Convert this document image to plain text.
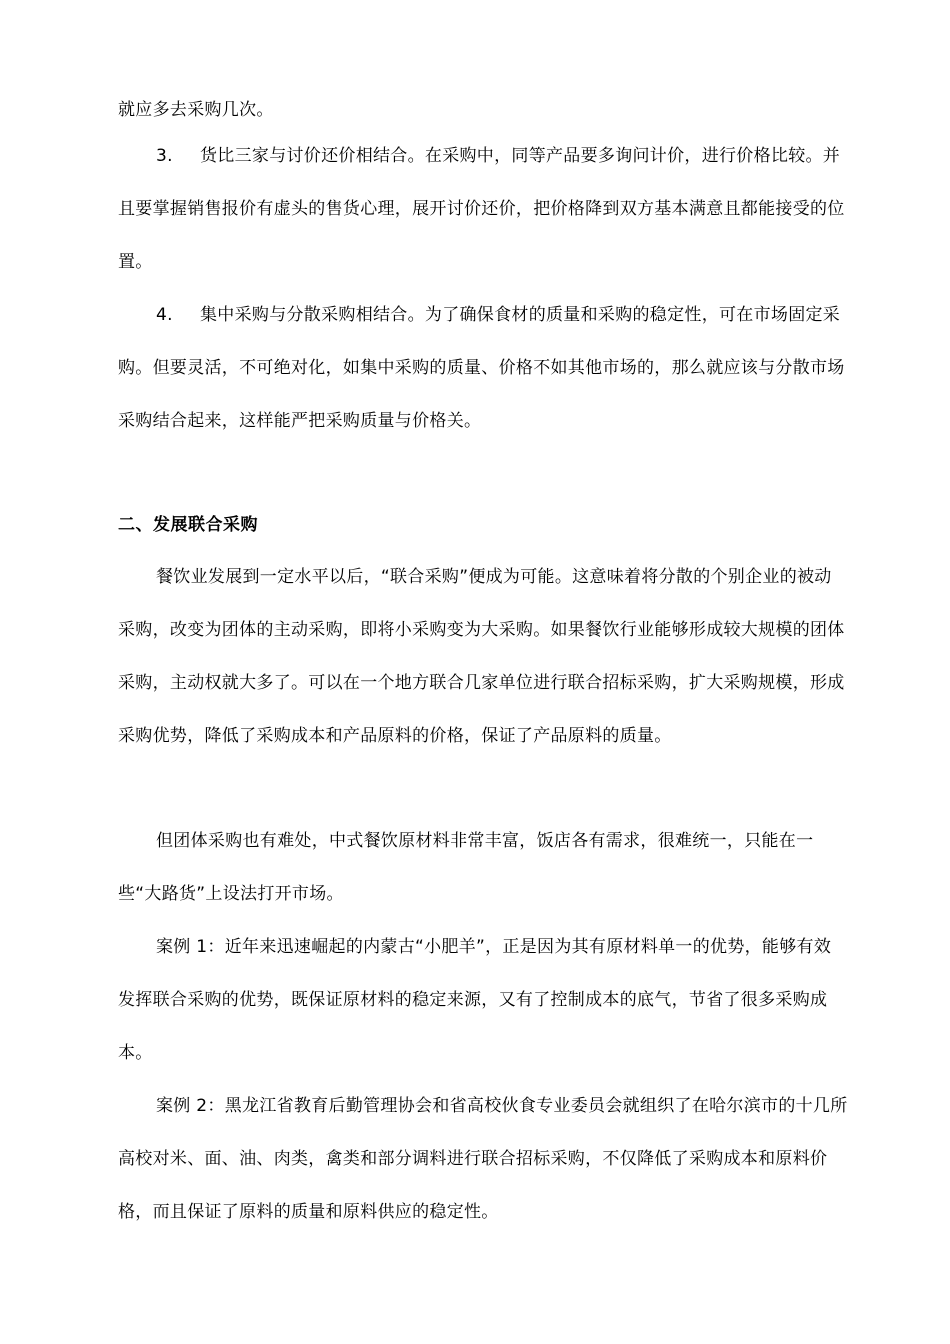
就应多去采购几次。

3. 货比三家与讨价还价相结合。在采购中，同等产品要多询问计价，进行价格比较。并且要掌握销售报价有虚头的售货心理，展开讨价还价，把价格降到双方基本满意且都能接受的位置。

4. 集中采购与分散采购相结合。为了确保食材的质量和采购的稳定性，可在市场固定采购。但要灵活，不可绝对化，如集中采购的质量、价格不如其他市场的，那么就应该与分散市场采购结合起来，这样能严把采购质量与价格关。

二、发展联合采购

餐饮业发展到一定水平以后，“联合采购”便成为可能。这意味着将分散的个别企业的被动采购，改变为团体的主动采购，即将小采购变为大采购。如果餐饮行业能够形成较大规模的团体采购，主动权就大多了。可以在一个地方联合几家单位进行联合招标采购，扩大采购规模，形成采购优势，降低了采购成本和产品原料的价格，保证了产品原料的质量。

但团体采购也有难处，中式餐饮原材料非常丰富，饭店各有需求，很难统一，只能在一些“大路货”上设法打开市场。

案例 1：近年来迅速崛起的内蒙古“小肥羊”，正是因为其有原材料单一的优势，能够有效发挥联合采购的优势，既保证原材料的稳定来源，又有了控制成本的底气，节省了很多采购成本。

案例 2：黑龙江省教育后勤管理协会和省高校伙食专业委员会就组织了在哈尔滨市的十几所高校对米、面、油、肉类，禽类和部分调料进行联合招标采购，不仅降低了采购成本和原料价格，而且保证了原料的质量和原料供应的稳定性。
